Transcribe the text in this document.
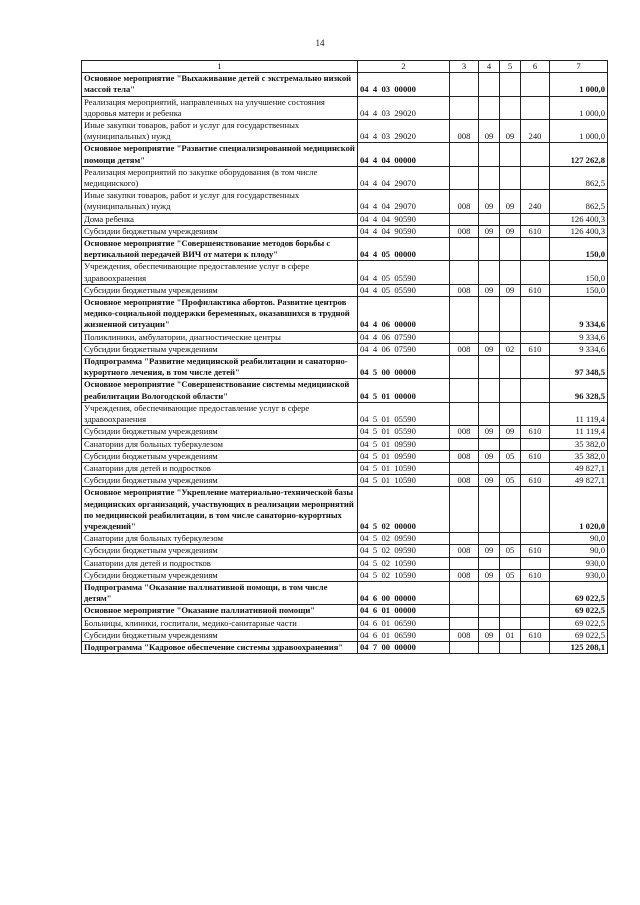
14
1	2	3	4	5	6	7
Основное мероприятие "Выхаживание детей с экстремально низкой массой тела"	04  4  03  00000					1 000,0
Реализация мероприятий, направленных на улучшение состояния здоровья матери и ребенка	04  4  03  29020					1 000,0
Иные закупки товаров, работ и услуг для государственных (муниципальных) нужд	04  4  03  29020	008	09	09	240	1 000,0
Основное мероприятие "Развитие специализированной медицинской помощи детям"	04  4  04  00000					127 262,8
Реализация мероприятий по закупке оборудования (в том числе медицинского)	04  4  04  29070					862,5
Иные закупки товаров, работ и услуг для государственных (муниципальных) нужд	04  4  04  29070	008	09	09	240	862,5
Дома ребенка	04  4  04  90590					126 400,3
Субсидии бюджетным учреждениям	04  4  04  90590	008	09	09	610	126 400,3
Основное мероприятие "Совершенствование методов борьбы с вертикальной передачей ВИЧ от матери к плоду"	04  4  05  00000					150,0
Учреждения, обеспечивающие предоставление услуг в сфере здравоохранения	04  4  05  05590					150,0
Субсидии бюджетным учреждениям	04  4  05  05590	008	09	09	610	150,0
Основное мероприятие "Профилактика абортов. Развитие центров медико-социальной поддержки беременных, оказавшихся в трудной жизненной ситуации"	04  4  06  00000					9 334,6
Поликлиники, амбулатории, диагностические центры	04  4  06  07590					9 334,6
Субсидии бюджетным учреждениям	04  4  06  07590	008	09	02	610	9 334,6
Подпрограмма "Развитие медицинской реабилитации и санаторно-курортного лечения, в том числе детей"	04  5  00  00000					97 348,5
Основное мероприятие "Совершенствование системы медицинской реабилитации Вологодской области"	04  5  01  00000					96 328,5
Учреждения, обеспечивающие предоставление услуг в сфере здравоохранения	04  5  01  05590					11 119,4
Субсидии бюджетным учреждениям	04  5  01  05590	008	09	09	610	11 119,4
Санатории для больных туберкулезом	04  5  01  09590					35 382,0
Субсидии бюджетным учреждениям	04  5  01  09590	008	09	05	610	35 382,0
Санатории для детей и подростков	04  5  01  10590					49 827,1
Субсидии бюджетным учреждениям	04  5  01  10590	008	09	05	610	49 827,1
Основное мероприятие "Укрепление материально-технической базы медицинских организаций, участвующих в реализации мероприятий по медицинской реабилитации, в том числе санаторно-курортных учреждений"	04  5  02  00000					1 020,0
Санатории для больных туберкулезом	04  5  02  09590					90,0
Субсидии бюджетным учреждениям	04  5  02  09590	008	09	05	610	90,0
Санатории для детей и подростков	04  5  02  10590					930,0
Субсидии бюджетным учреждениям	04  5  02  10590	008	09	05	610	930,0
Подпрограмма "Оказание паллиативной помощи, в том числе детям"	04  6  00  00000					69 022,5
Основное мероприятие "Оказание паллиативной помощи"	04  6  01  00000					69 022,5
Больницы, клиники, госпитали, медико-санитарные части	04  6  01  06590					69 022,5
Субсидии бюджетным учреждениям	04  6  01  06590	008	09	01	610	69 022,5
Подпрограмма "Кадровое обеспечение системы здравоохранения"	04  7  00  00000					125 208,1
